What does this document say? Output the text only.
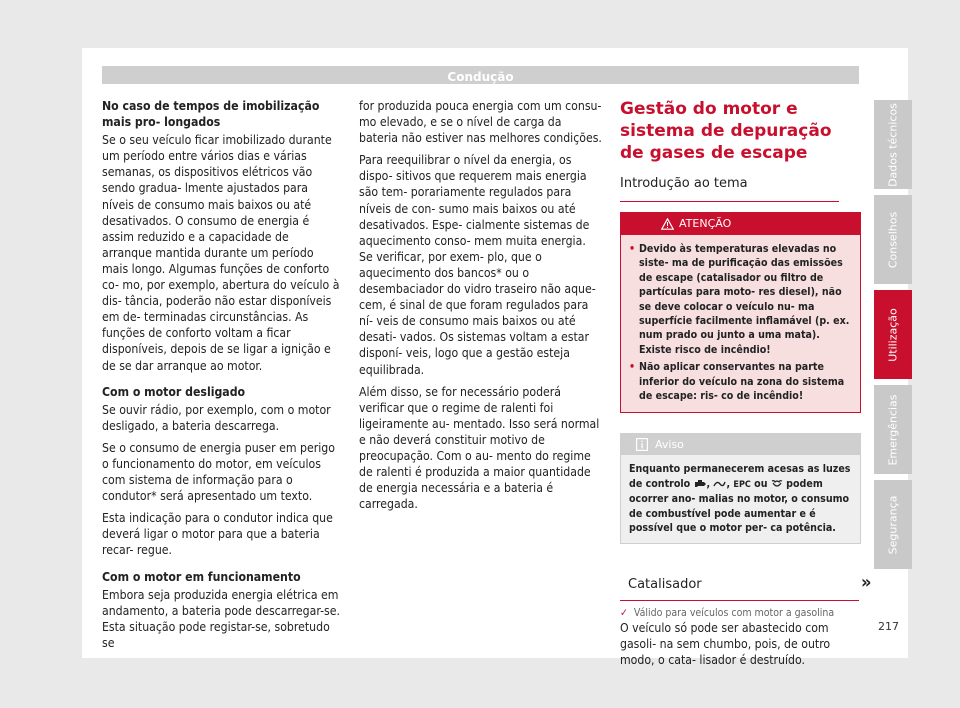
Condução

No caso de tempos de imobilização mais pro- longados

Se o seu veículo ficar imobilizado durante um período entre vários dias e várias semanas, os dispositivos elétricos vão sendo gradua- lmente ajustados para níveis de consumo mais baixos ou até desativados. O consumo de energia é assim reduzido e a capacidade de arranque mantida durante um período mais longo. Algumas funções de conforto co- mo, por exemplo, abertura do veículo à dis- tância, poderão não estar disponíveis em de- terminadas circunstâncias. As funções de conforto voltam a ficar disponíveis, depois de se ligar a ignição e de se dar arranque ao motor.

Com o motor desligado

Se ouvir rádio, por exemplo, com o motor desligado, a bateria descarrega.

Se o consumo de energia puser em perigo o funcionamento do motor, em veículos com sistema de informação para o condutor* será apresentado um texto.

Esta indicação para o condutor indica que deverá ligar o motor para que a bateria recar- regue.

Com o motor em funcionamento

Embora seja produzida energia elétrica em andamento, a bateria pode descarregar-se. Esta situação pode registar-se, sobretudo se

for produzida pouca energia com um consu- mo elevado, e se o nível de carga da bateria não estiver nas melhores condições.

Para reequilibrar o nível da energia, os dispo- sitivos que requerem mais energia são tem- porariamente regulados para níveis de con- sumo mais baixos ou até desativados. Espe- cialmente sistemas de aquecimento conso- mem muita energia. Se verificar, por exem- plo, que o aquecimento dos bancos* ou o desembaciador do vidro traseiro não aque- cem, é sinal de que foram regulados para ní- veis de consumo mais baixos ou até desati- vados. Os sistemas voltam a estar disponí- veis, logo que a gestão esteja equilibrada.

Além disso, se for necessário poderá verificar que o regime de ralenti foi ligeiramente au- mentado. Isso será normal e não deverá constituir motivo de preocupação. Com o au- mento do regime de ralenti é produzida a maior quantidade de energia necessária e a bateria é carregada.

Gestão do motor e sistema de depuração de gases de escape
Introdução ao tema
ATENÇÃO
• Devido às temperaturas elevadas no siste- ma de purificação das emissões de escape (catalisador ou filtro de partículas para moto- res diesel), não se deve colocar o veículo nu- ma superfície facilmente inflamável (p. ex. num prado ou junto a uma mata). Existe risco de incêndio!
• Não aplicar conservantes na parte inferior do veículo na zona do sistema de escape: ris- co de incêndio!
Aviso
Enquanto permanecerem acesas as luzes de controlo , , EPC ou podem ocorrer ano- malias no motor, o consumo de combustível pode aumentar e é possível que o motor per- ca potência.
Catalisador
✓ Válido para veículos com motor a gasolina

O veículo só pode ser abastecido com gasoli- na sem chumbo, pois, de outro modo, o cata- lisador é destruído.

»
Dados técnicos
Conselhos
Utilização
Emergências
Segurança
217
